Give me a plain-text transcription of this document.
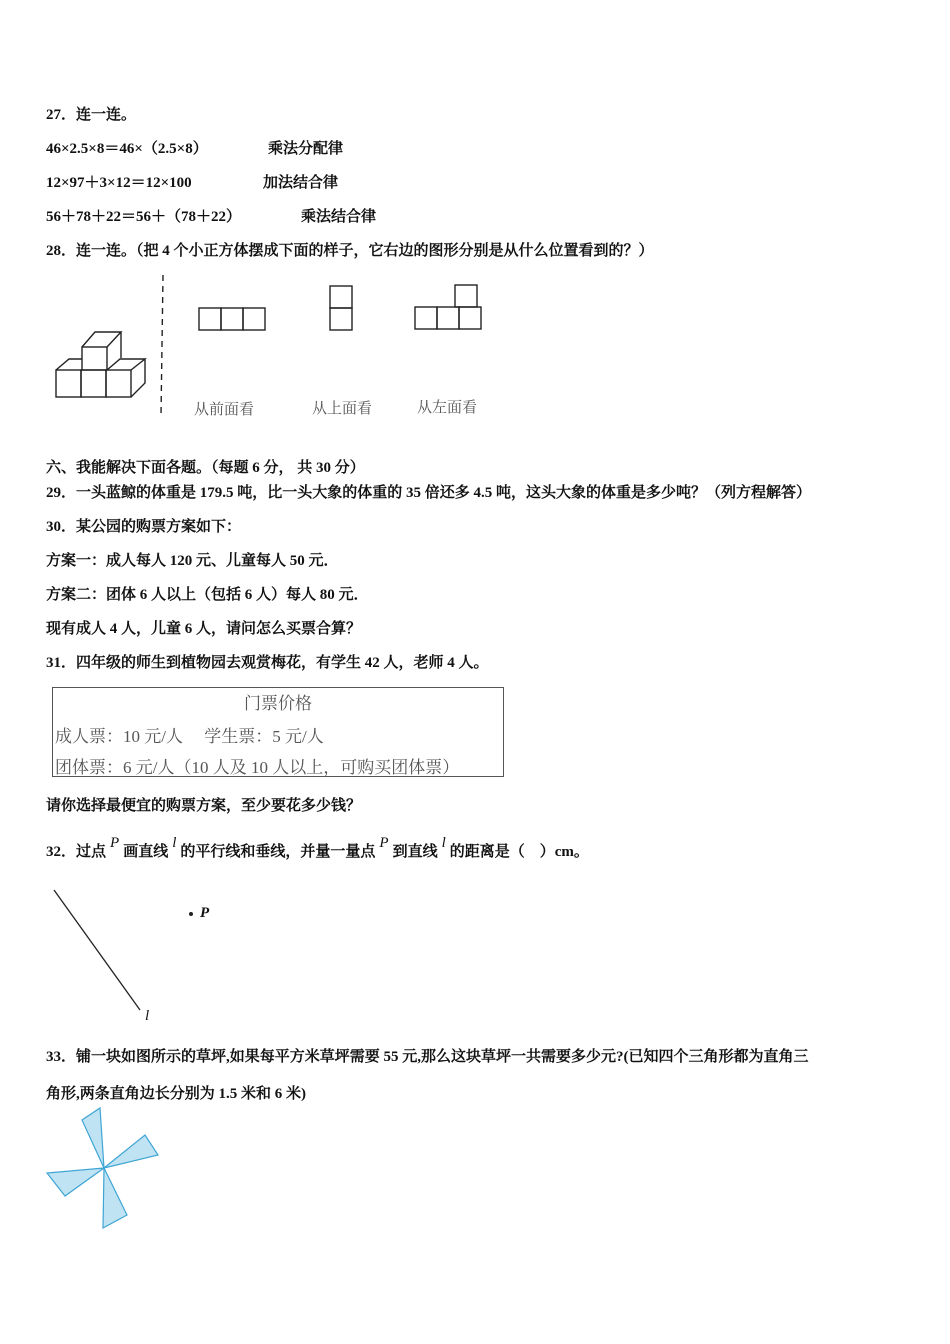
27．连一连。
46×2.5×8＝46×（2.5×8）	乘法分配律
12×97＋3×12＝12×100	加法结合律
56＋78＋22＝56＋（78＋22）	乘法结合律
28．连一连。（把 4 个小正方体摆成下面的样子，它右边的图形分别是从什么位置看到的？）
从前面看	从上面看	从左面看
六、我能解决下面各题。（每题 6 分， 共 30 分）
29．一头蓝鲸的体重是 179.5 吨，比一头大象的体重的 35 倍还多 4.5 吨，这头大象的体重是多少吨？（列方程解答）
30．某公园的购票方案如下：
方案一：成人每人 120 元、儿童每人 50 元．
方案二：团体 6 人以上（包括 6 人）每人 80 元．
现有成人 4 人，儿童 6 人，请问怎么买票合算？
31．四年级的师生到植物园去观赏梅花，有学生 42 人，老师 4 人。
门票价格
成人票：10 元/人　 学生票：5 元/人
团体票：6 元/人（10 人及 10 人以上，可购买团体票）
请你选择最便宜的购票方案，至少要花多少钱？
32．过点P画直线l的平行线和垂线，并量一量点P到直线l的距离是（　）cm。
P
l
33．铺一块如图所示的草坪,如果每平方米草坪需要 55 元,那么这块草坪一共需要多少元?(已知四个三角形都为直角三
角形,两条直角边长分别为 1.5 米和 6 米)
